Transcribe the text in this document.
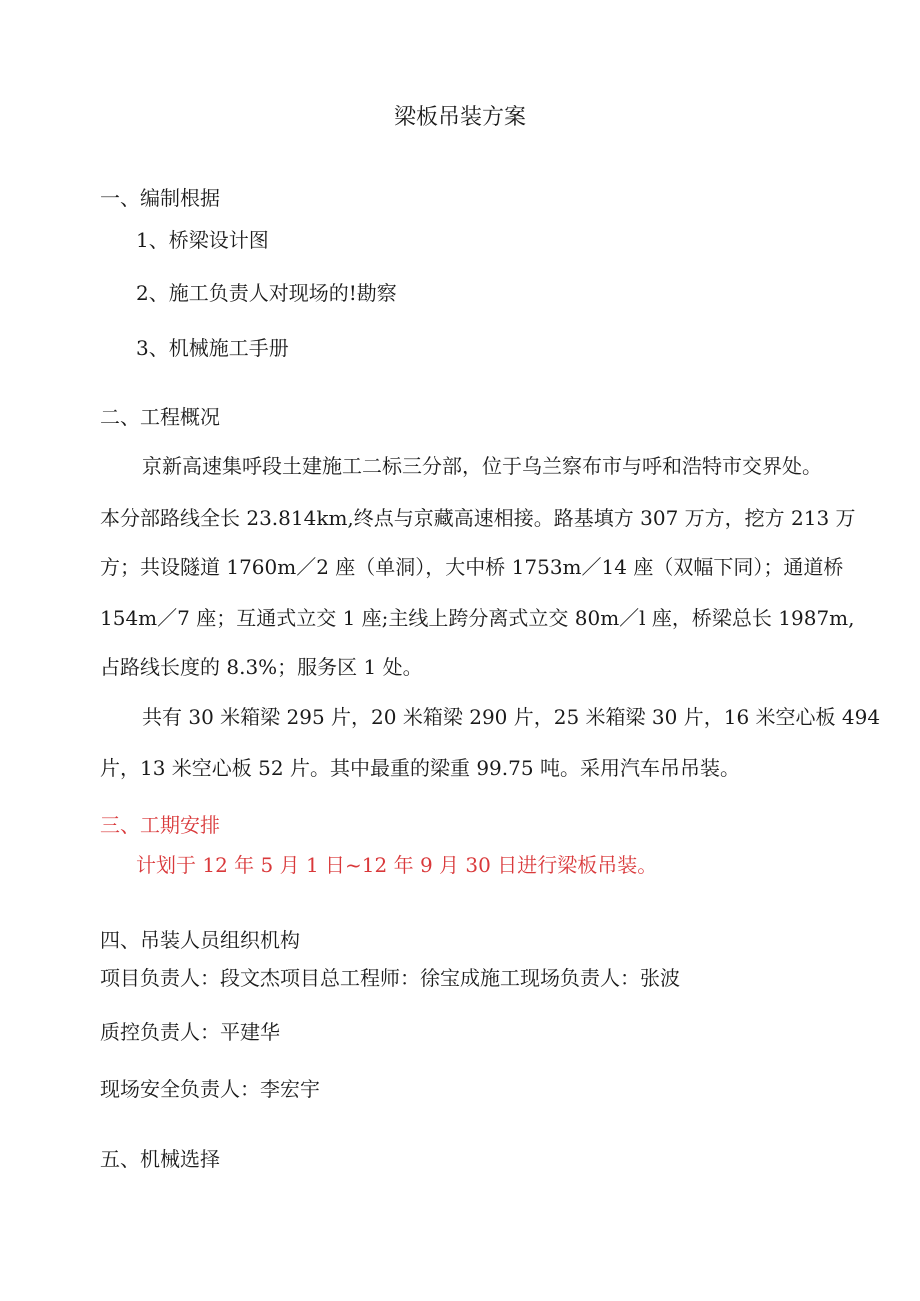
梁板吊装方案
一、编制根据
1、桥梁设计图
2、施工负责人对现场的!勘察
3、机械施工手册
二、工程概况
京新高速集呼段土建施工二标三分部，位于乌兰察布市与呼和浩特市交界处。
本分部路线全长 23.814km,终点与京藏高速相接。路基填方 307 万方，挖方 213 万
方；共设隧道 1760m／2 座（单洞），大中桥 1753m／14 座（双幅下同）；通道桥
154m／7 座；互通式立交 1 座;主线上跨分离式立交 80m／l 座，桥梁总长 1987m,
占路线长度的 8.3%；服务区 1 处。
共有 30 米箱梁 295 片，20 米箱梁 290 片，25 米箱梁 30 片，16 米空心板 494
片，13 米空心板 52 片。其中最重的梁重 99.75 吨。采用汽车吊吊装。
三、工期安排
计划于 12 年 5 月 1 日~12 年 9 月 30 日进行梁板吊装。
四、吊装人员组织机构
项目负责人：段文杰项目总工程师：徐宝成施工现场负责人：张波
质控负责人：平建华
现场安全负责人：李宏宇
五、机械选择
